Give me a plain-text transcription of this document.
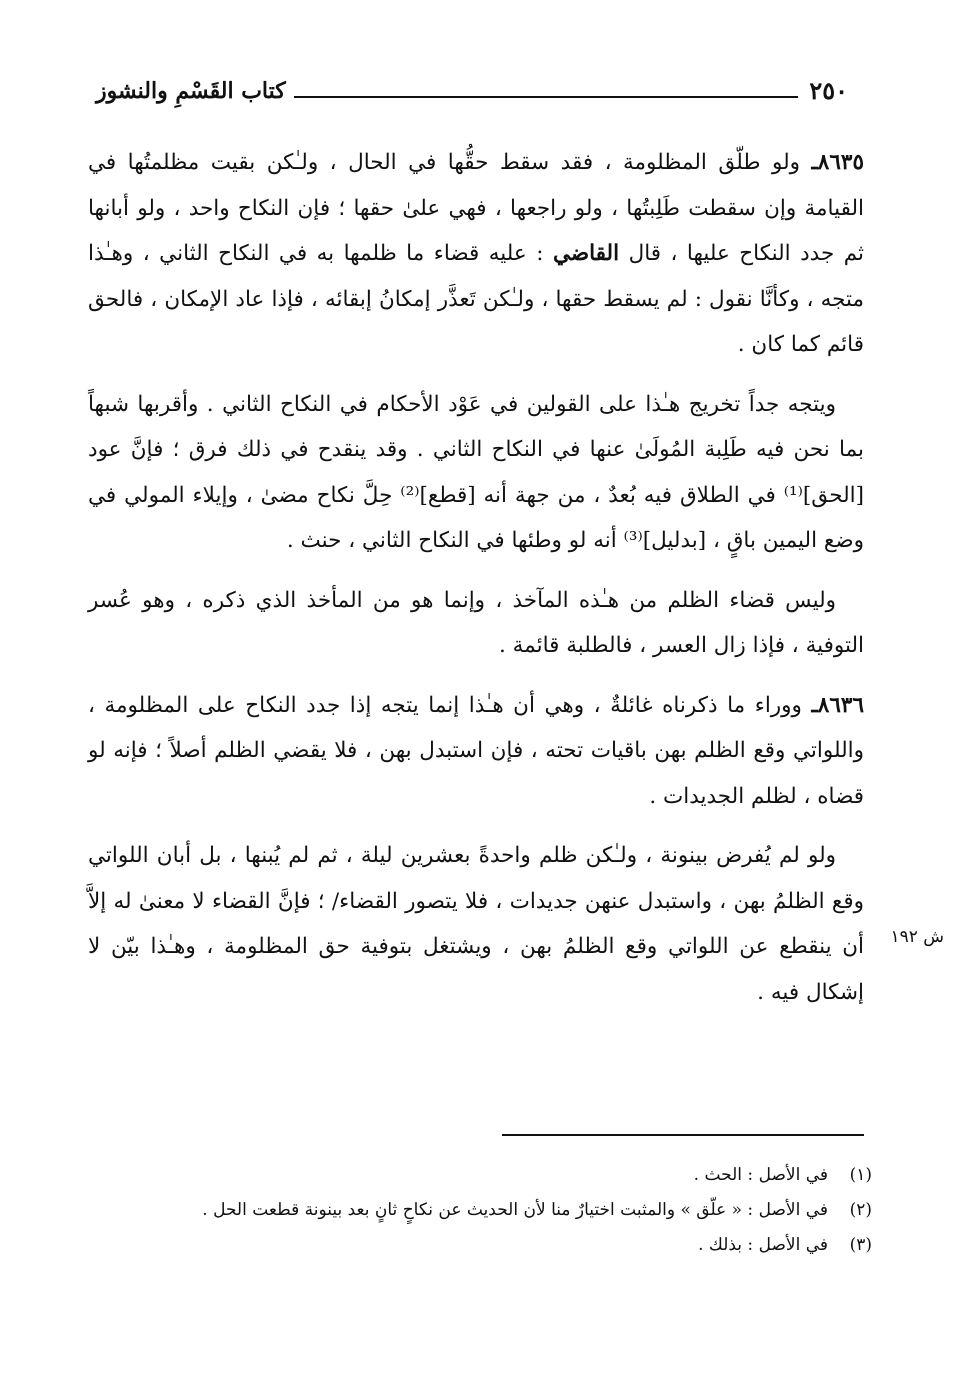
٢٥٠
كتاب القَسْمِ والنشوز

٨٦٣٥ـ ولو طلّق المظلومة ، فقد سقط حقُّها في الحال ، ولـٰكن بقيت مظلمتُها في القيامة وإن سقطت طَلِبتُها ، ولو راجعها ، فهي علىٰ حقها ؛ فإن النكاح واحد ، ولو أبانها ثم جدد النكاح عليها ، قال القاضي : عليه قضاء ما ظلمها به في النكاح الثاني ، وهـٰذا متجه ، وكأنَّا نقول : لم يسقط حقها ، ولـٰكن تَعذَّر إمكانُ إبقائه ، فإذا عاد الإمكان ، فالحق قائم كما كان .

ويتجه جداً تخريج هـٰذا على القولين في عَوْد الأحكام في النكاح الثاني . وأقربها شبهاً بما نحن فيه طَلِبة المُولَىٰ عنها في النكاح الثاني . وقد ينقدح في ذلك فرق ؛ فإنَّ عود [الحق]⁽¹⁾ في الطلاق فيه بُعدٌ ، من جهة أنه [قطع]⁽²⁾ حِلَّ نكاح مضىٰ ، وإيلاء المولي في وضع اليمين باقٍ ، [بدليل]⁽³⁾ أنه لو وطئها في النكاح الثاني ، حنث .

وليس قضاء الظلم من هـٰذه المآخذ ، وإنما هو من المأخذ الذي ذكره ، وهو عُسر التوفية ، فإذا زال العسر ، فالطلبة قائمة .

٨٦٣٦ـ ووراء ما ذكرناه غائلةٌ ، وهي أن هـٰذا إنما يتجه إذا جدد النكاح على المظلومة ، واللواتي وقع الظلم بهن باقيات تحته ، فإن استبدل بهن ، فلا يقضي الظلم أصلاً ؛ فإنه لو قضاه ، لظلم الجديدات .

ولو لم يُفرض بينونة ، ولـٰكن ظلم واحدةً بعشرين ليلة ، ثم لم يُبنها ، بل أبان اللواتي وقع الظلمُ بهن ، واستبدل عنهن جديدات ، فلا يتصور القضاء/ ؛ فإنَّ القضاء لا معنىٰ له إلاَّ أن ينقطع عن اللواتي وقع الظلمُ بهن ، ويشتغل بتوفية حق المظلومة ، وهـٰذا بيّن لا إشكال فيه .

ش ١٩٢
(١)في الأصل : الحث .
(٢)في الأصل : « علّق » والمثبت اختيارٌ منا لأن الحديث عن نكاحٍ ثانٍ بعد بينونة قطعت الحل .
(٣)في الأصل : بذلك .
